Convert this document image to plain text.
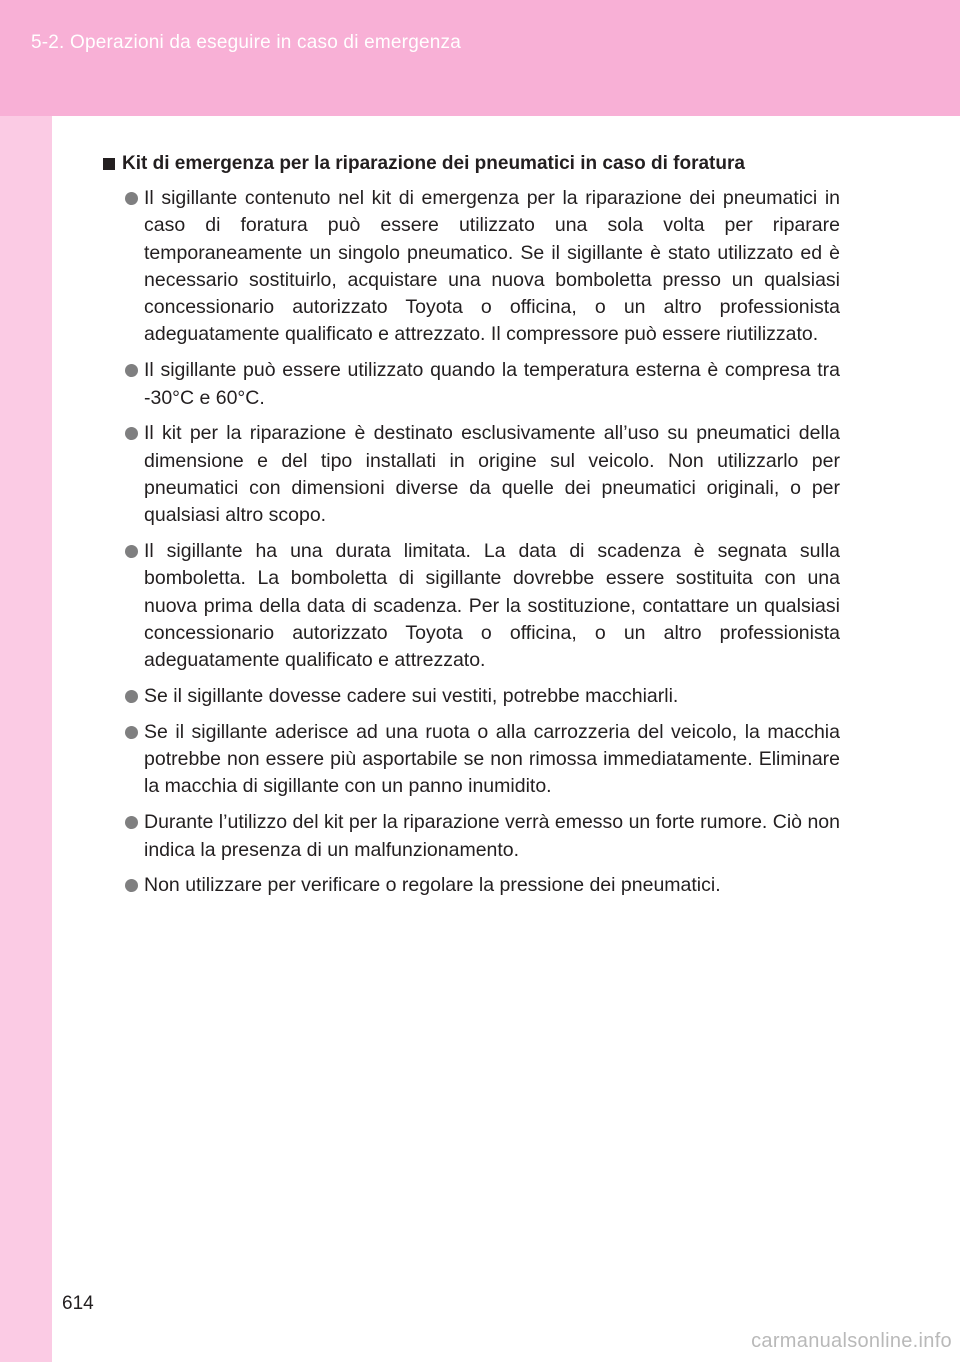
5-2. Operazioni da eseguire in caso di emergenza
Kit di emergenza per la riparazione dei pneumatici in caso di foratura
Il sigillante contenuto nel kit di emergenza per la riparazione dei pneumatici in caso di foratura può essere utilizzato una sola volta per riparare temporaneamente un singolo pneumatico. Se il sigillante è stato utilizzato ed è necessario sostituirlo, acquistare una nuova bomboletta presso un qualsiasi concessionario autorizzato Toyota o officina, o un altro professionista adeguatamente qualificato e attrezzato. Il compressore può essere riutilizzato.
Il sigillante può essere utilizzato quando la temperatura esterna è compresa tra -30°C e 60°C.
Il kit per la riparazione è destinato esclusivamente all’uso su pneumatici della dimensione e del tipo installati in origine sul veicolo. Non utilizzarlo per pneumatici con dimensioni diverse da quelle dei pneumatici originali, o per qualsiasi altro scopo.
Il sigillante ha una durata limitata. La data di scadenza è segnata sulla bomboletta. La bomboletta di sigillante dovrebbe essere sostituita con una nuova prima della data di scadenza. Per la sostituzione, contattare un qualsiasi concessionario autorizzato Toyota o officina, o un altro professionista adeguatamente qualificato e attrezzato.
Se il sigillante dovesse cadere sui vestiti, potrebbe macchiarli.
Se il sigillante aderisce ad una ruota o alla carrozzeria del veicolo, la macchia potrebbe non essere più asportabile se non rimossa immediatamente. Eliminare la macchia di sigillante con un panno inumidito.
Durante l’utilizzo del kit per la riparazione verrà emesso un forte rumore. Ciò non indica la presenza di un malfunzionamento.
Non utilizzare per verificare o regolare la pressione dei pneumatici.
614
carmanualsonline.info
